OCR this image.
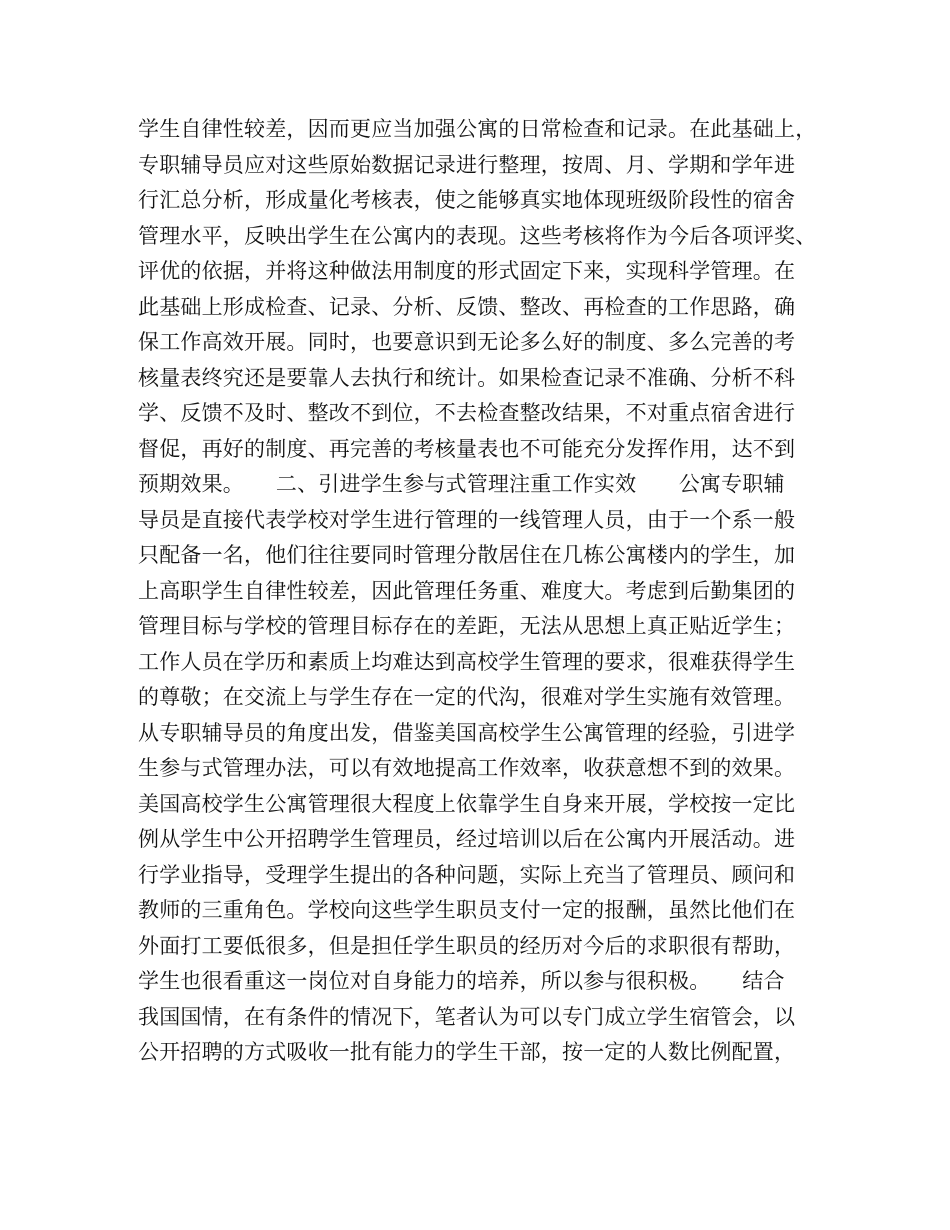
学生自律性较差，因而更应当加强公寓的日常检查和记录。在此基础上，
专职辅导员应对这些原始数据记录进行整理，按周、月、学期和学年进
行汇总分析，形成量化考核表，使之能够真实地体现班级阶段性的宿舍
管理水平，反映出学生在公寓内的表现。这些考核将作为今后各项评奖、
评优的依据，并将这种做法用制度的形式固定下来，实现科学管理。在
此基础上形成检查、记录、分析、反馈、整改、再检查的工作思路，确
保工作高效开展。同时，也要意识到无论多么好的制度、多么完善的考
核量表终究还是要靠人去执行和统计。如果检查记录不准确、分析不科
学、反馈不及时、整改不到位，不去检查整改结果，不对重点宿舍进行
督促，再好的制度、再完善的考核量表也不可能充分发挥作用，达不到
预期效果。　　二、引进学生参与式管理注重工作实效　　公寓专职辅
导员是直接代表学校对学生进行管理的一线管理人员，由于一个系一般
只配备一名，他们往往要同时管理分散居住在几栋公寓楼内的学生，加
上高职学生自律性较差，因此管理任务重、难度大。考虑到后勤集团的
管理目标与学校的管理目标存在的差距，无法从思想上真正贴近学生；
工作人员在学历和素质上均难达到高校学生管理的要求，很难获得学生
的尊敬；在交流上与学生存在一定的代沟，很难对学生实施有效管理。
从专职辅导员的角度出发，借鉴美国高校学生公寓管理的经验，引进学
生参与式管理办法，可以有效地提高工作效率，收获意想不到的效果。
美国高校学生公寓管理很大程度上依靠学生自身来开展，学校按一定比
例从学生中公开招聘学生管理员，经过培训以后在公寓内开展活动。进
行学业指导，受理学生提出的各种问题，实际上充当了管理员、顾问和
教师的三重角色。学校向这些学生职员支付一定的报酬，虽然比他们在
外面打工要低很多，但是担任学生职员的经历对今后的求职很有帮助，
学生也很看重这一岗位对自身能力的培养，所以参与很积极。　　结合
我国国情，在有条件的情况下，笔者认为可以专门成立学生宿管会，以
公开招聘的方式吸收一批有能力的学生干部，按一定的人数比例配置，
